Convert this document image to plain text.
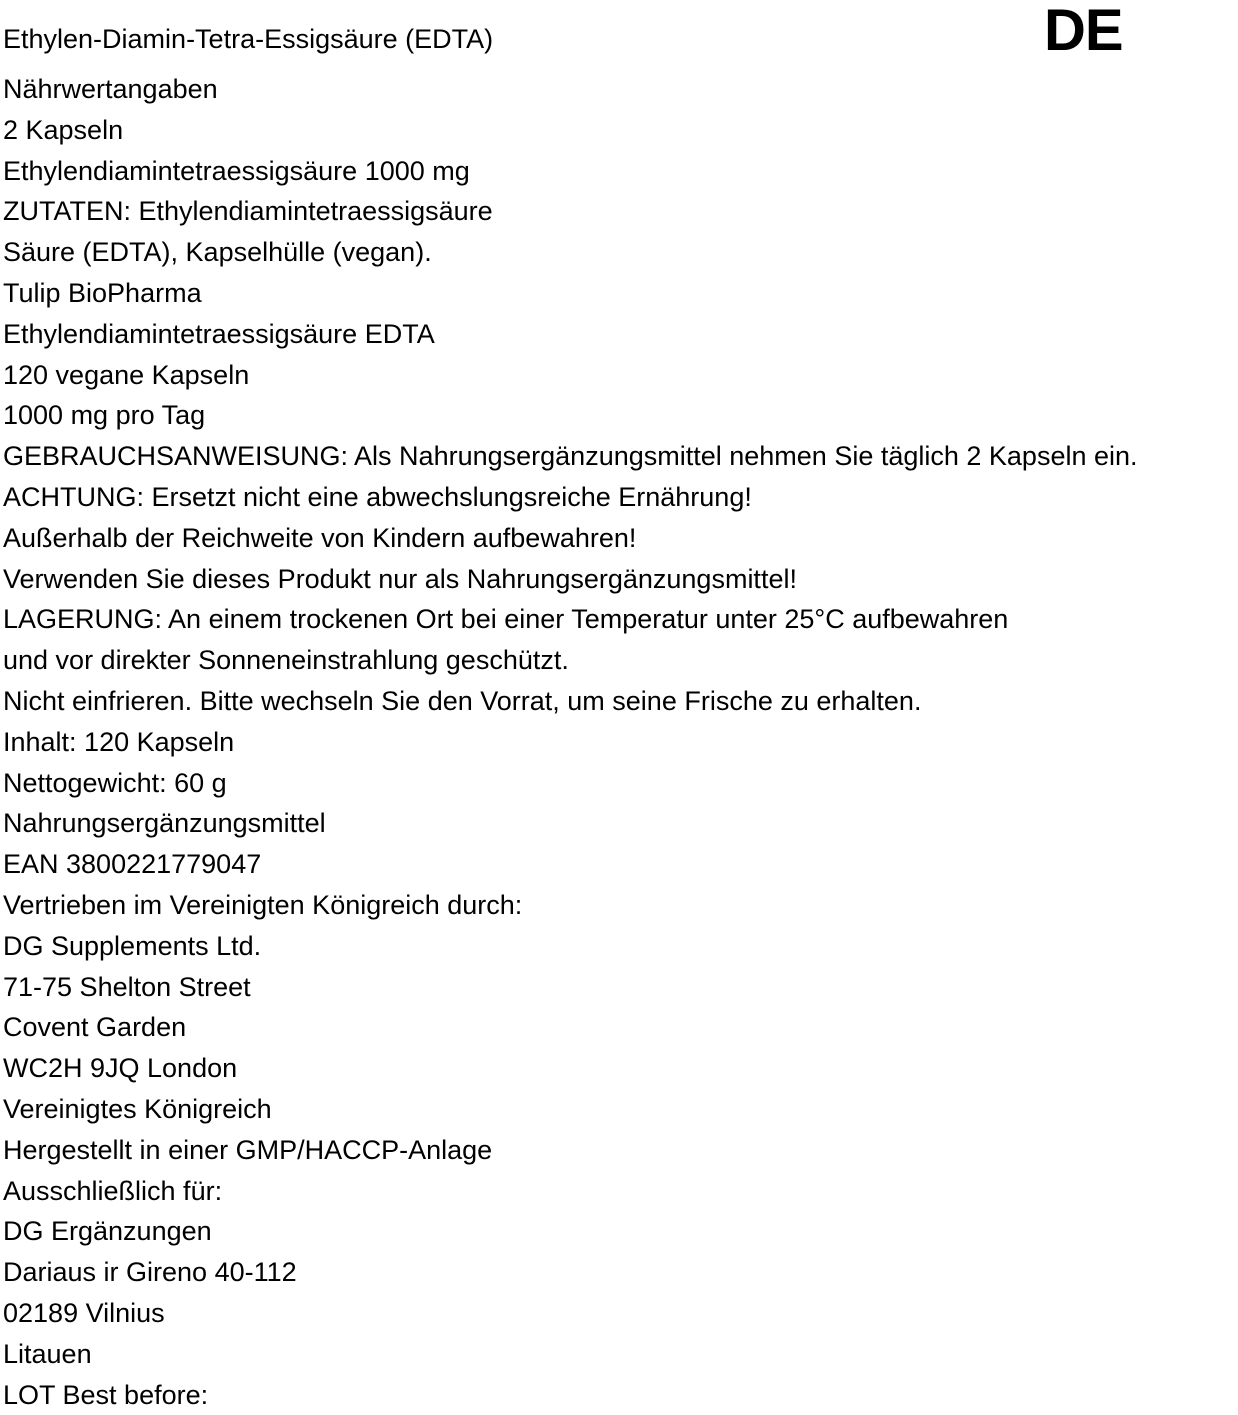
DE
Ethylen-Diamin-Tetra-Essigsäure (EDTA)
Nährwertangaben
2 Kapseln
Ethylendiamintetraessigsäure 1000 mg
ZUTATEN: Ethylendiamintetraessigsäure
Säure (EDTA), Kapselhülle (vegan).
Tulip BioPharma
Ethylendiamintetraessigsäure EDTA
120 vegane Kapseln
1000 mg pro Tag
GEBRAUCHSANWEISUNG: Als Nahrungsergänzungsmittel nehmen Sie täglich 2 Kapseln ein.
ACHTUNG: Ersetzt nicht eine abwechslungsreiche Ernährung!
Außerhalb der Reichweite von Kindern aufbewahren!
Verwenden Sie dieses Produkt nur als Nahrungsergänzungsmittel!
LAGERUNG: An einem trockenen Ort bei einer Temperatur unter 25°C aufbewahren
und vor direkter Sonneneinstrahlung geschützt.
Nicht einfrieren. Bitte wechseln Sie den Vorrat, um seine Frische zu erhalten.
Inhalt: 120 Kapseln
Nettogewicht: 60 g
Nahrungsergänzungsmittel
EAN 3800221779047
Vertrieben im Vereinigten Königreich durch:
DG Supplements Ltd.
71-75 Shelton Street
Covent Garden
WC2H 9JQ London
Vereinigtes Königreich
Hergestellt in einer GMP/HACCP-Anlage
Ausschließlich für:
DG Ergänzungen
Dariaus ir Gireno 40-112
02189 Vilnius
Litauen
LOT Best before:
